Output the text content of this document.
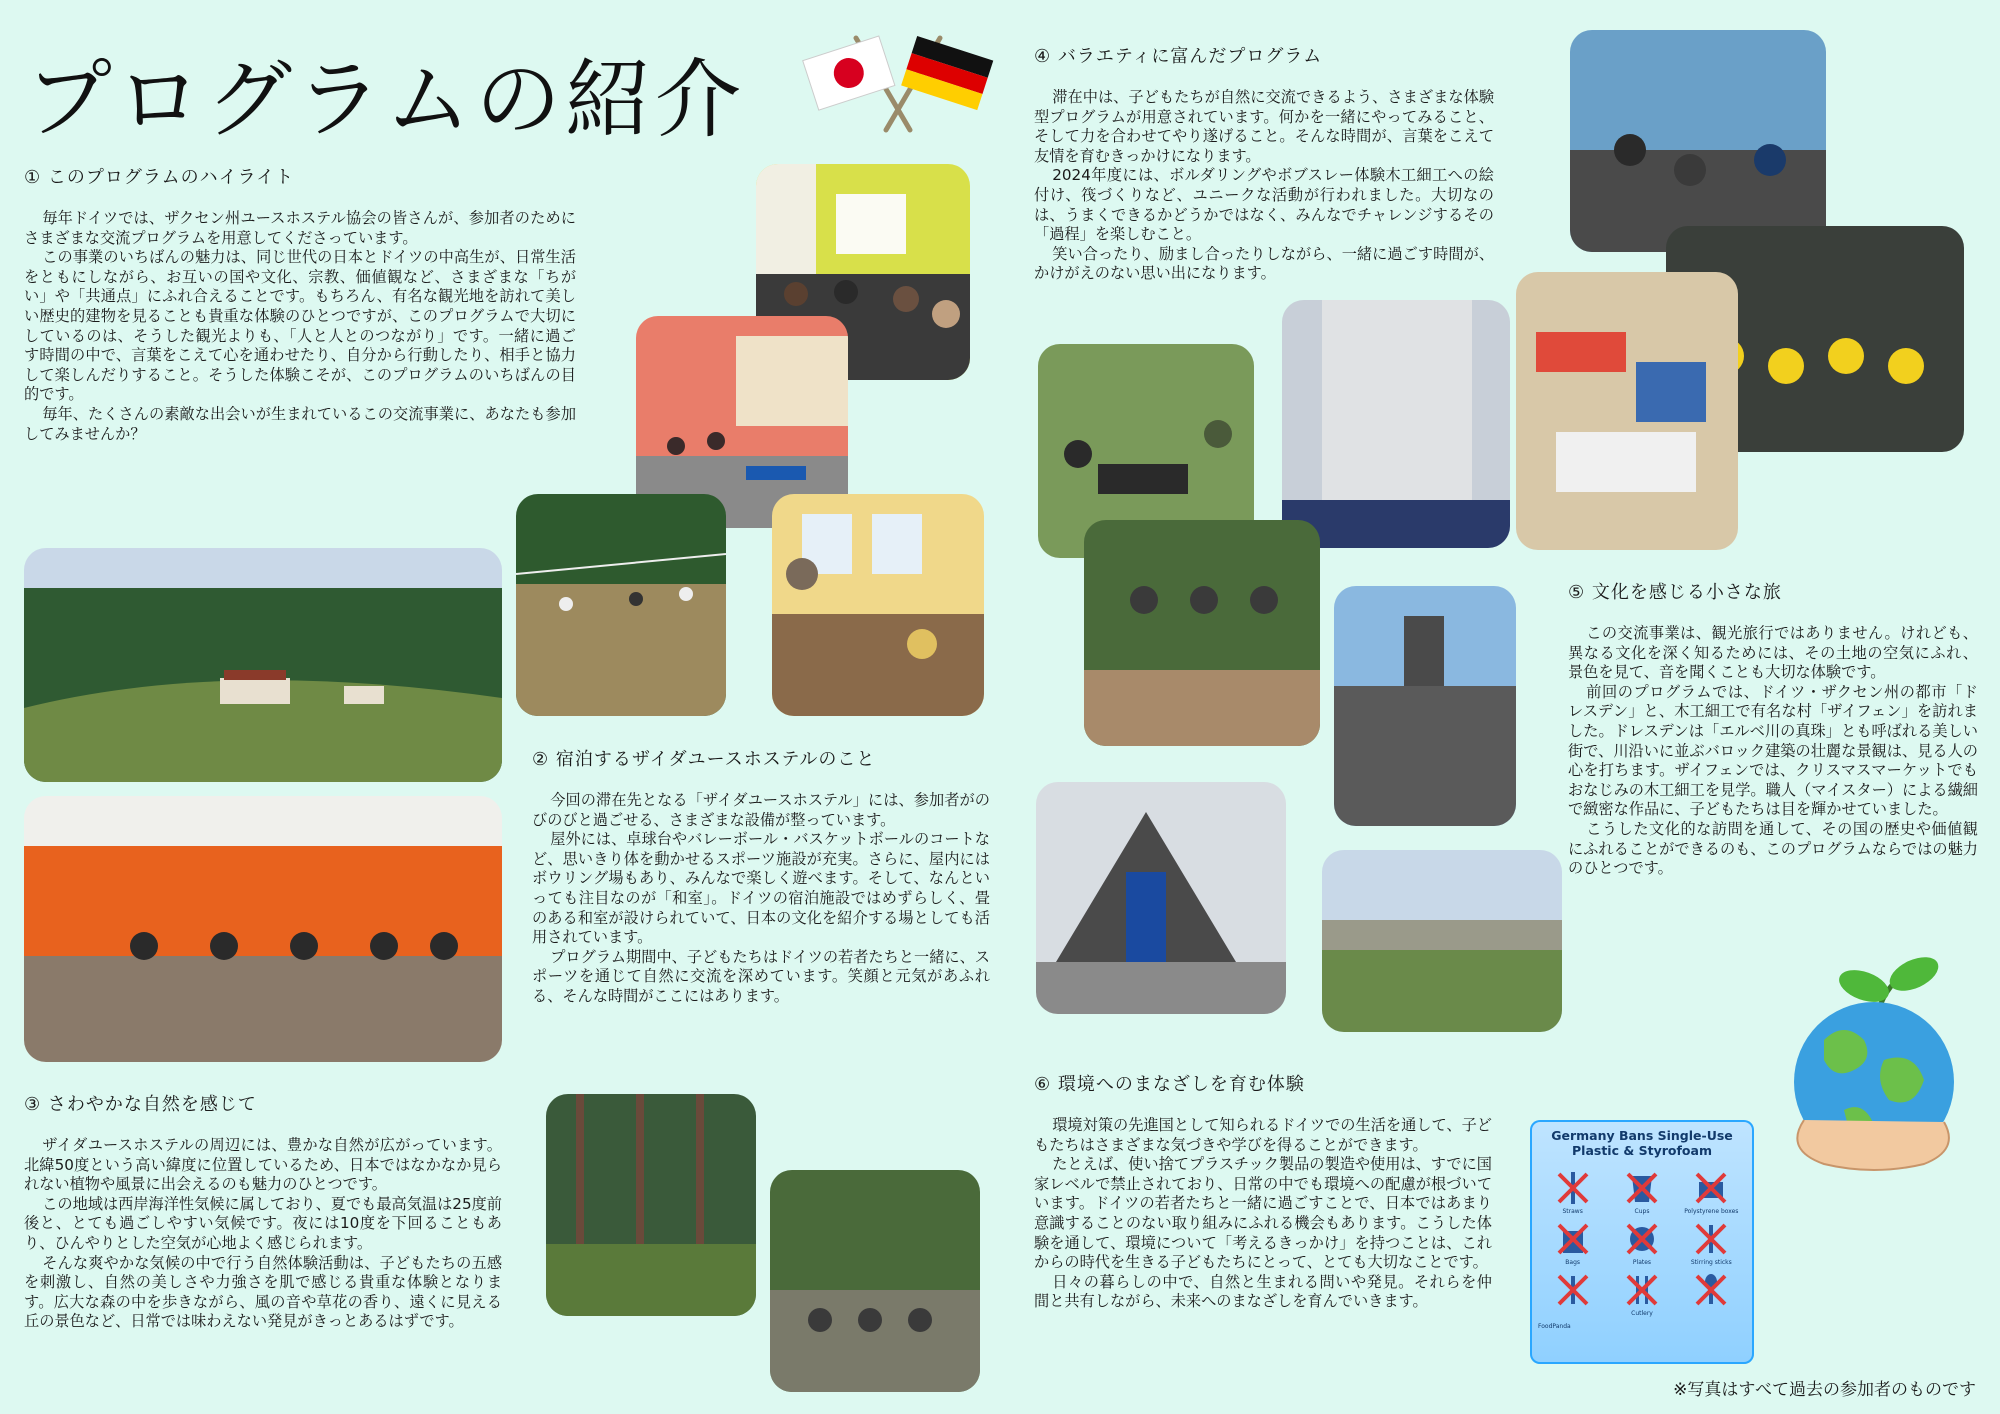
プログラムの紹介
① このプログラムのハイライト

毎年ドイツでは、ザクセン州ユースホステル協会の皆さんが、参加者のためにさまざまな交流プログラムを用意してくださっています。

この事業のいちばんの魅力は、同じ世代の日本とドイツの中高生が、日常生活をともにしながら、お互いの国や文化、宗教、価値観など、さまざまな「ちがい」や「共通点」にふれ合えることです。もちろん、有名な観光地を訪れて美しい歴史的建物を見ることも貴重な体験のひとつですが、このプログラムで大切にしているのは、そうした観光よりも、「人と人とのつながり」です。一緒に過ごす時間の中で、言葉をこえて心を通わせたり、自分から行動したり、相手と協力して楽しんだりすること。そうした体験こそが、このプログラムのいちばんの目的です。

毎年、たくさんの素敵な出会いが生まれているこの交流事業に、あなたも参加してみませんか？

② 宿泊するザイダユースホステルのこと

今回の滞在先となる「ザイダユースホステル」には、参加者がのびのびと過ごせる、さまざまな設備が整っています。

屋外には、卓球台やバレーボール・バスケットボールのコートなど、思いきり体を動かせるスポーツ施設が充実。さらに、屋内にはボウリング場もあり、みんなで楽しく遊べます。そして、なんといっても注目なのが「和室」。ドイツの宿泊施設ではめずらしく、畳のある和室が設けられていて、日本の文化を紹介する場としても活用されています。

プログラム期間中、子どもたちはドイツの若者たちと一緒に、スポーツを通じて自然に交流を深めています。笑顔と元気があふれる、そんな時間がここにはあります。

③ さわやかな自然を感じて

ザイダユースホステルの周辺には、豊かな自然が広がっています。北緯50度という高い緯度に位置しているため、日本ではなかなか見られない植物や風景に出会えるのも魅力のひとつです。

この地域は西岸海洋性気候に属しており、夏でも最高気温は25度前後と、とても過ごしやすい気候です。夜には10度を下回ることもあり、ひんやりとした空気が心地よく感じられます。

そんな爽やかな気候の中で行う自然体験活動は、子どもたちの五感を刺激し、自然の美しさや力強さを肌で感じる貴重な体験となります。広大な森の中を歩きながら、風の音や草花の香り、遠くに見える丘の景色など、日常では味わえない発見がきっとあるはずです。

④ バラエティに富んだプログラム

滞在中は、子どもたちが自然に交流できるよう、さまざまな体験型プログラムが用意されています。何かを一緒にやってみること、そして力を合わせてやり遂げること。そんな時間が、言葉をこえて友情を育むきっかけになります。

2024年度には、ボルダリングやボブスレー体験木工細工への絵付け、筏づくりなど、ユニークな活動が行われました。大切なのは、うまくできるかどうかではなく、みんなでチャレンジするその「過程」を楽しむこと。

笑い合ったり、励まし合ったりしながら、一緒に過ごす時間が、かけがえのない思い出になります。

⑤ 文化を感じる小さな旅

この交流事業は、観光旅行ではありません。けれども、異なる文化を深く知るためには、その土地の空気にふれ、景色を見て、音を聞くことも大切な体験です。

前回のプログラムでは、ドイツ・ザクセン州の都市「ドレスデン」と、木工細工で有名な村「ザイフェン」を訪れました。ドレスデンは「エルベ川の真珠」とも呼ばれる美しい街で、川沿いに並ぶバロック建築の壮麗な景観は、見る人の心を打ちます。ザイフェンでは、クリスマスマーケットでもおなじみの木工細工を見学。職人（マイスター）による繊細で緻密な作品に、子どもたちは目を輝かせていました。

こうした文化的な訪問を通して、その国の歴史や価値観にふれることができるのも、このプログラムならではの魅力のひとつです。

⑥ 環境へのまなざしを育む体験

環境対策の先進国として知られるドイツでの生活を通して、子どもたちはさまざまな気づきや学びを得ることができます。

たとえば、使い捨てプラスチック製品の製造や使用は、すでに国家レベルで禁止されており、日常の中でも環境への配慮が根づいています。ドイツの若者たちと一緒に過ごすことで、日本ではあまり意識することのない取り組みにふれる機会もあります。こうした体験を通して、環境について「考えるきっかけ」を持つことは、これからの時代を生きる子どもたちにとって、とても大切なことです。

日々の暮らしの中で、自然と生まれる問いや発見。それらを仲間と共有しながら、未来へのまなざしを育んでいきます。

Germany Bans Single-Use Plastic & Styrofoam
Straws	Cups	Polystyrene boxes
Bags	Plates	Stirring sticks
Cutlery
FoodPanda
※写真はすべて過去の参加者のものです
